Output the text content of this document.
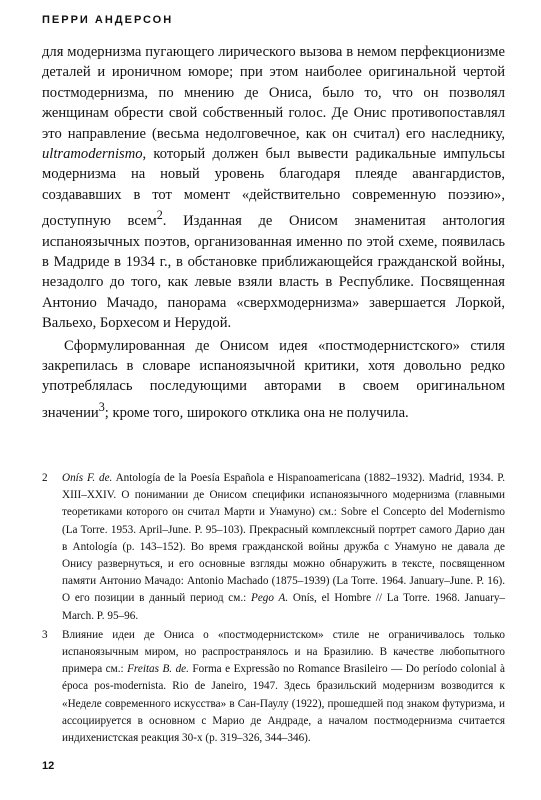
ПЕРРИ АНДЕРСОН

для модернизма пугающего лирического вызова в немом перфекционизме деталей и ироничном юморе; при этом наиболее оригинальной чертой постмодернизма, по мнению де Ониса, было то, что он позволял женщинам обрести свой собственный голос. Де Онис противопоставлял это направление (весьма недолговечное, как он считал) его наследнику, ultramodernismo, который должен был вывести радикальные импульсы модернизма на новый уровень благодаря плеяде авангардистов, создававших в тот момент «действительно современную поэзию», доступную всем$^2$. Изданная де Онисом знаменитая антология испаноязычных поэтов, организованная именно по этой схеме, появилась в Мадриде в 1934 г., в обстановке приближающейся гражданской войны, незадолго до того, как левые взяли власть в Республике. Посвященная Антонио Мачадо, панорама «сверхмодернизма» завершается Лоркой, Вальехо, Борхесом и Нерудой.

Сформулированная де Онисом идея «постмодернистского» стиля закрепилась в словаре испаноязычной критики, хотя довольно редко употреблялась последующими авторами в своем оригинальном значении$^3$; кроме того, широкого отклика она не получила.

2	Onís F. de. Antología de la Poesía Española e Hispanoamericana (1882–1932). Madrid, 1934. P. XIII–XXIV. О понимании де Онисом специфики испаноязычного модернизма (главными теоретиками которого он считал Марти и Унамуно) см.: Sobre el Concepto del Modernismo (La Torre. 1953. April–June. P. 95–103). Прекрасный комплексный портрет самого Дарио дан в Antología (p. 143–152). Во время гражданской войны дружба с Унамуно не давала де Онису развернуться, и его основные взгляды можно обнаружить в тексте, посвященном памяти Антонио Мачадо: Antonio Machado (1875–1939) (La Torre. 1964. January–June. P. 16). О его позиции в данный период см.: Pego A. Onís, el Hombre // La Torre. 1968. January–March. P. 95–96.
3	Влияние идеи де Ониса о «постмодернистском» стиле не ограничивалось только испаноязычным миром, но распространялось и на Бразилию. В качестве любопытного примера см.: Freitas B. de. Forma e Expressão no Romance Brasileiro — Do período colonial à época pos-modernista. Rio de Janeiro, 1947. Здесь бразильский модернизм возводится к «Неделе современного искусства» в Сан-Паулу (1922), прошедшей под знаком футуризма, и ассоциируется в основном с Марио де Андраде, а началом постмодернизма считается индихенистская реакция 30-х (p. 319–326, 344–346).
12
